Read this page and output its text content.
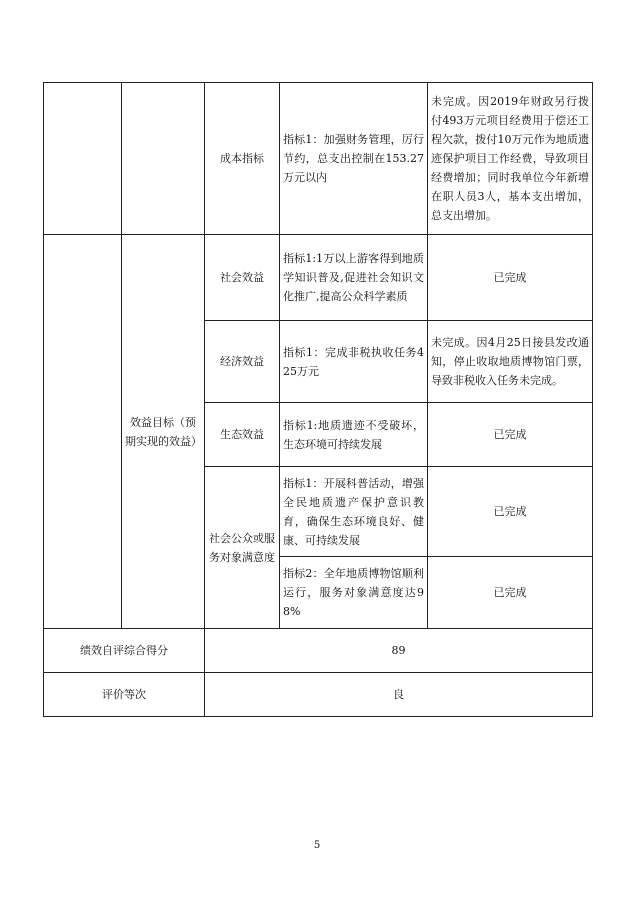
		成本指标	指标1：加强财务管理，厉行节约，总支出控制在153.27万元以内	未完成。因2019年财政另行拨付493万元项目经费用于偿还工程欠款，拨付10万元作为地质遗迹保护项目工作经费，导致项目经费增加；同时我单位今年新增在职人员3人，基本支出增加，总支出增加。
	效益目标（预期实现的效益）	社会效益	指标1:1万以上游客得到地质学知识普及,促进社会知识文化推广,提高公众科学素质	已完成
		经济效益	指标1：完成非税执收任务425万元	未完成。因4月25日接县发改通知，停止收取地质博物馆门票，导致非税收入任务未完成。
		生态效益	指标1:地质遗迹不受破坏，生态环境可持续发展	已完成
		社会公众或服务对象满意度	指标1：开展科普活动，增强全民地质遗产保护意识教育，确保生态环境良好、健康、可持续发展	已完成
			指标2：全年地质博物馆顺利运行，服务对象满意度达98%	已完成
绩效自评综合得分		89		
评价等次		良		
5
